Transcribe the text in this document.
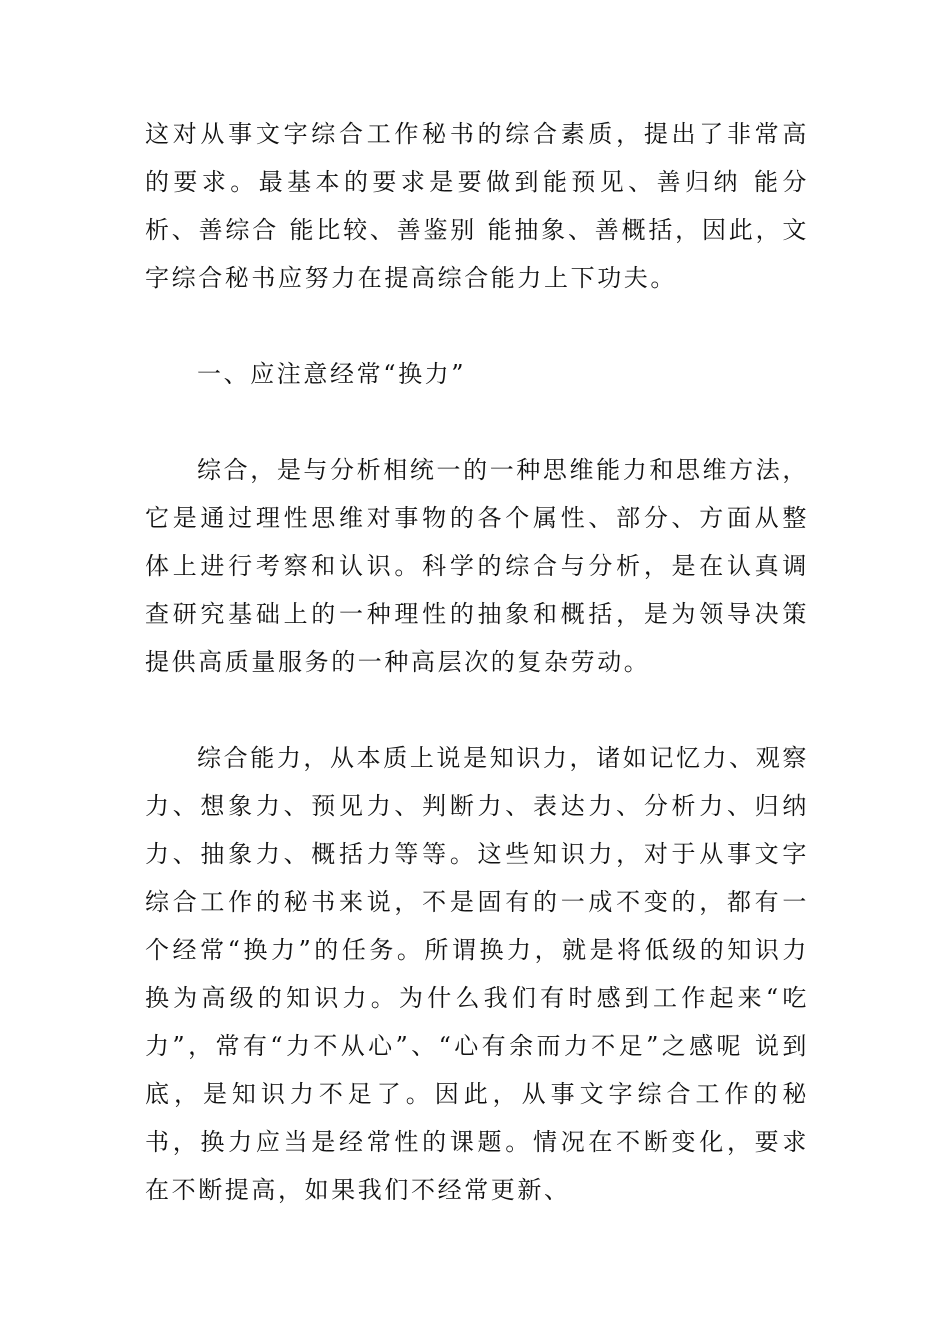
这对从事文字综合工作秘书的综合素质，提出了非常高的要求。最基本的要求是要做到能预见、善归纳 能分析、善综合 能比较、善鉴别 能抽象、善概括，因此，文字综合秘书应努力在提高综合能力上下功夫。

一、应注意经常“换力”

综合，是与分析相统一的一种思维能力和思维方法，它是通过理性思维对事物的各个属性、部分、方面从整体上进行考察和认识。科学的综合与分析，是在认真调查研究基础上的一种理性的抽象和概括，是为领导决策提供高质量服务的一种高层次的复杂劳动。

综合能力，从本质上说是知识力，诸如记忆力、观察力、想象力、预见力、判断力、表达力、分析力、归纳力、抽象力、概括力等等。这些知识力，对于从事文字综合工作的秘书来说，不是固有的一成不变的，都有一个经常“换力”的任务。所谓换力，就是将低级的知识力换为高级的知识力。为什么我们有时感到工作起来“吃力”，常有“力不从心”、“心有余而力不足”之感呢 说到底，是知识力不足了。因此，从事文字综合工作的秘书，换力应当是经常性的课题。情况在不断变化，要求在不断提高，如果我们不经常更新、
